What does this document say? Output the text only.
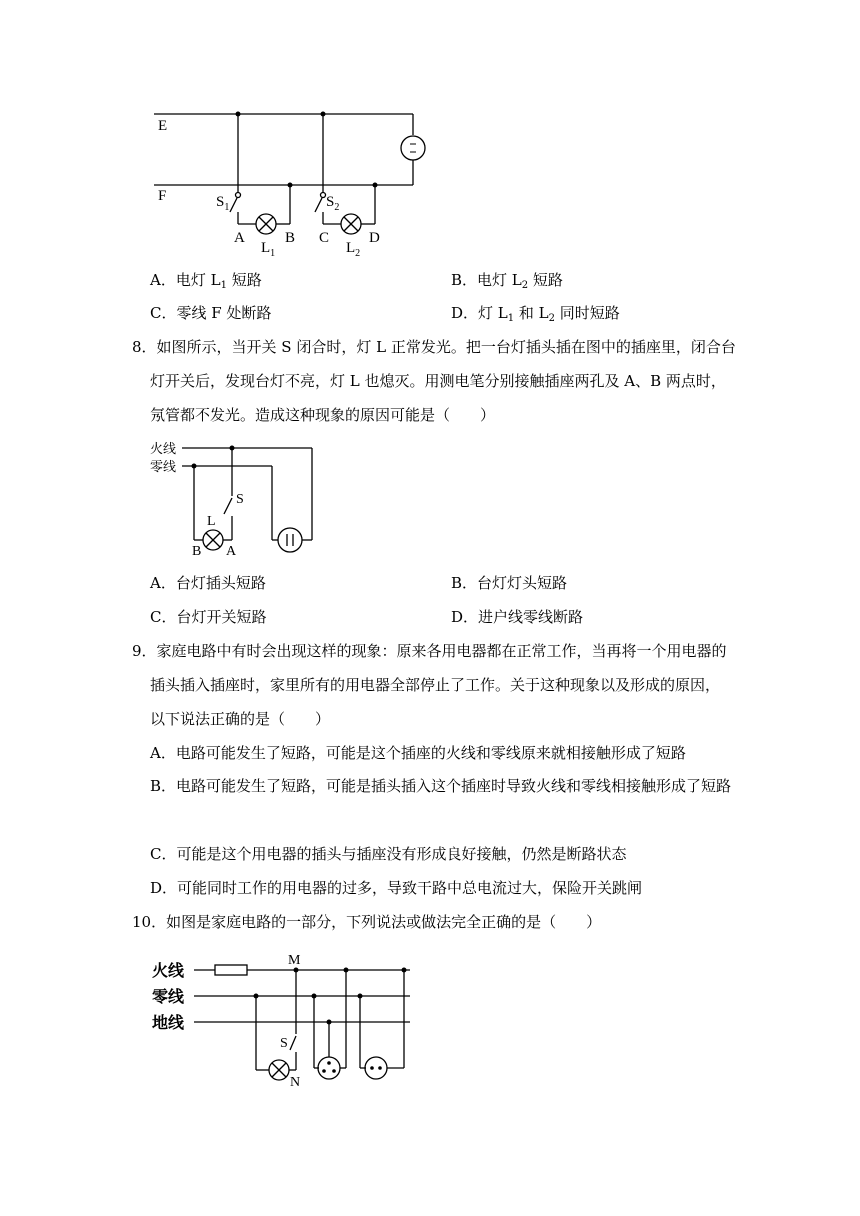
E
F	$S_1$	$S_2$
A	B C	D
$L_1$	$L_2$
A．电灯 $L_1$ 短路	B．电灯 $L_2$ 短路
C．零线 F 处断路	D．灯 $L_1$ 和 $L_2$ 同时短路
8．如图所示，当开关 S 闭合时，灯 L 正常发光。把一台灯插头插在图中的插座里，闭合台
灯开关后，发现台灯不亮，灯 L 也熄灭。用测电笔分别接触插座两孔及 A、B 两点时，
氖管都不发光。造成这种现象的原因可能是（　　）
火线
零线
S
L
B A
A．台灯插头短路	B．台灯灯头短路
C．台灯开关短路	D．进户线零线断路
9．家庭电路中有时会出现这样的现象：原来各用电器都在正常工作，当再将一个用电器的
插头插入插座时，家里所有的用电器全部停止了工作。关于这种现象以及形成的原因，
以下说法正确的是（　　）
A．电路可能发生了短路，可能是这个插座的火线和零线原来就相接触形成了短路
B．电路可能发生了短路，可能是插头插入这个插座时导致火线和零线相接触形成了短路
C．可能是这个用电器的插头与插座没有形成良好接触，仍然是断路状态
D．可能同时工作的用电器的过多，导致干路中总电流过大，保险开关跳闸
10．如图是家庭电路的一部分，下列说法或做法完全正确的是（　　）
火线
零线
地线
M
S
N
